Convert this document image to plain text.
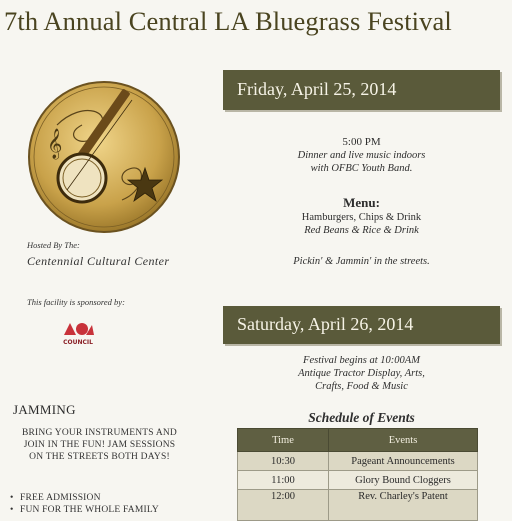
7th Annual Central LA Bluegrass Festival
Friday, April 25, 2014
𝄞
Hosted By The:
Centennial Cultural Center
This facility is sponsored by:
COUNCIL
5:00 PM
Dinner and live music indoors
with OFBC Youth Band.
Menu:
Hamburgers, Chips & Drink
Red Beans & Rice & Drink
Pickin' & Jammin' in the streets.
Saturday, April 26, 2014
Festival begins at 10:00AM
Antique Tractor Display, Arts,
Crafts, Food & Music
Schedule of Events
Time	Events
10:30	Pageant Announcements
11:00	Glory Bound Cloggers
12:00	Rev. Charley's Patent
JAMMING
BRING YOUR INSTRUMENTS AND
JOIN IN THE FUN! JAM SESSIONS
ON THE STREETS BOTH DAYS!
• FREE ADMISSION
• FUN FOR THE WHOLE FAMILY
